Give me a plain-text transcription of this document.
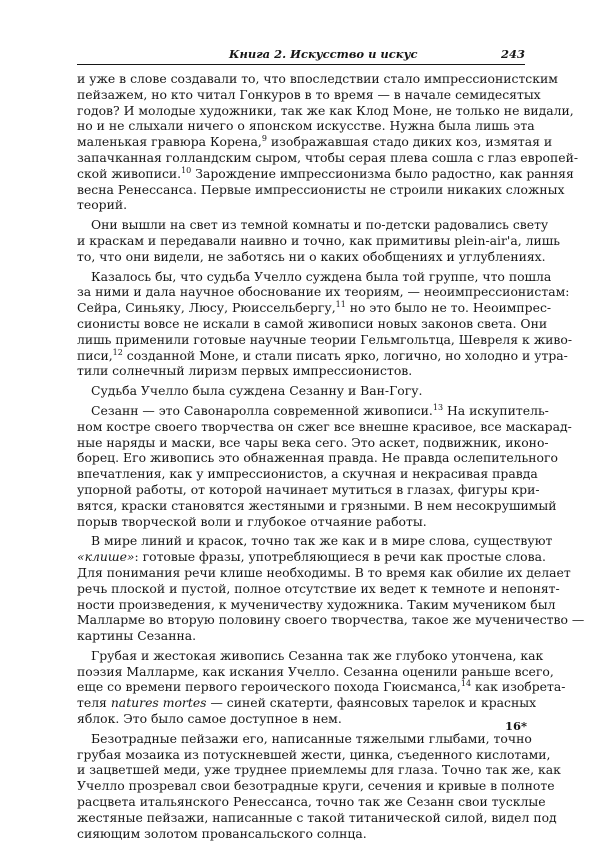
Книга 2. Искусство и искус	243
и уже в слове создавали то, что впоследствии стало импрессионистским
пейзажем, но кто читал Гонкуров в то время — в начале семидесятых
годов? И молодые художники, так же как Клод Моне, не только не видали,
но и не слыхали ничего о японском искусстве. Нужна была лишь эта
маленькая гравюра Корена,$^9$ изображавшая стадо диких коз, измятая и
запачканная голландским сыром, чтобы серая плева сошла с глаз европей-
ской живописи.$^{10}$ Зарождение импрессионизма было радостно, как ранняя
весна Ренессанса. Первые импрессионисты не строили никаких сложных
теорий.
Они вышли на свет из темной комнаты и по-детски радовались свету
и краскам и передавали наивно и точно, как примитивы plein-air'а, лишь
то, что они видели, не заботясь ни о каких обобщениях и углублениях.
Казалось бы, что судьба Учелло суждена была той группе, что пошла
за ними и дала научное обоснование их теориям, — неоимпрессионистам:
Сейра, Синьяку, Люсу, Рюиссельбергу,$^{11}$ но это было не то. Неоимпрес-
сионисты вовсе не искали в самой живописи новых законов света. Они
лишь применили готовые научные теории Гельмгольтца, Шевреля к живо-
писи,$^{12}$ созданной Моне, и стали писать ярко, логично, но холодно и утра-
тили солнечный лиризм первых импрессионистов.
Судьба Учелло была суждена Сезанну и Ван-Гогу.
Сезанн — это Савонаролла современной живописи.$^{13}$ На искупитель-
ном костре своего творчества он сжег все внешне красивое, все маскарад-
ные наряды и маски, все чары века сего. Это аскет, подвижник, иконо-
борец. Его живопись это обнаженная правда. Не правда ослепительного
впечатления, как у импрессионистов, а скучная и некрасивая правда
упорной работы, от которой начинает мутиться в глазах, фигуры кри-
вятся, краски становятся жестяными и грязными. В нем несокрушимый
порыв творческой воли и глубокое отчаяние работы.
В мире линий и красок, точно так же как и в мире слова, существуют
«клише»: готовые фразы, употребляющиеся в речи как простые слова.
Для понимания речи клише необходимы. В то время как обилие их делает
речь плоской и пустой, полное отсутствие их ведет к темноте и непонят-
ности произведения, к мученичеству художника. Таким мучеником был
Малларме во вторую половину своего творчества, такое же мученичество —
картины Сезанна.
Грубая и жестокая живопись Сезанна так же глубоко утончена, как
поэзия Малларме, как искания Учелло. Сезанна оценили раньше всего,
еще со времени первого героического похода Гюисманса,$^{14}$ как изобрета-
теля natures mortes — синей скатерти, фаянсовых тарелок и красных
яблок. Это было самое доступное в нем.
Безотрадные пейзажи его, написанные тяжелыми глыбами, точно
грубая мозаика из потускневшей жести, цинка, съеденного кислотами,
и зацветшей меди, уже труднее приемлемы для глаза. Точно так же, как
Учелло прозревал свои безотрадные круги, сечения и кривые в полноте
расцвета итальянского Ренессанса, точно так же Сезанн свои тусклые
жестяные пейзажи, написанные с такой титанической силой, видел под
сияющим золотом провансальского солнца.
16*
